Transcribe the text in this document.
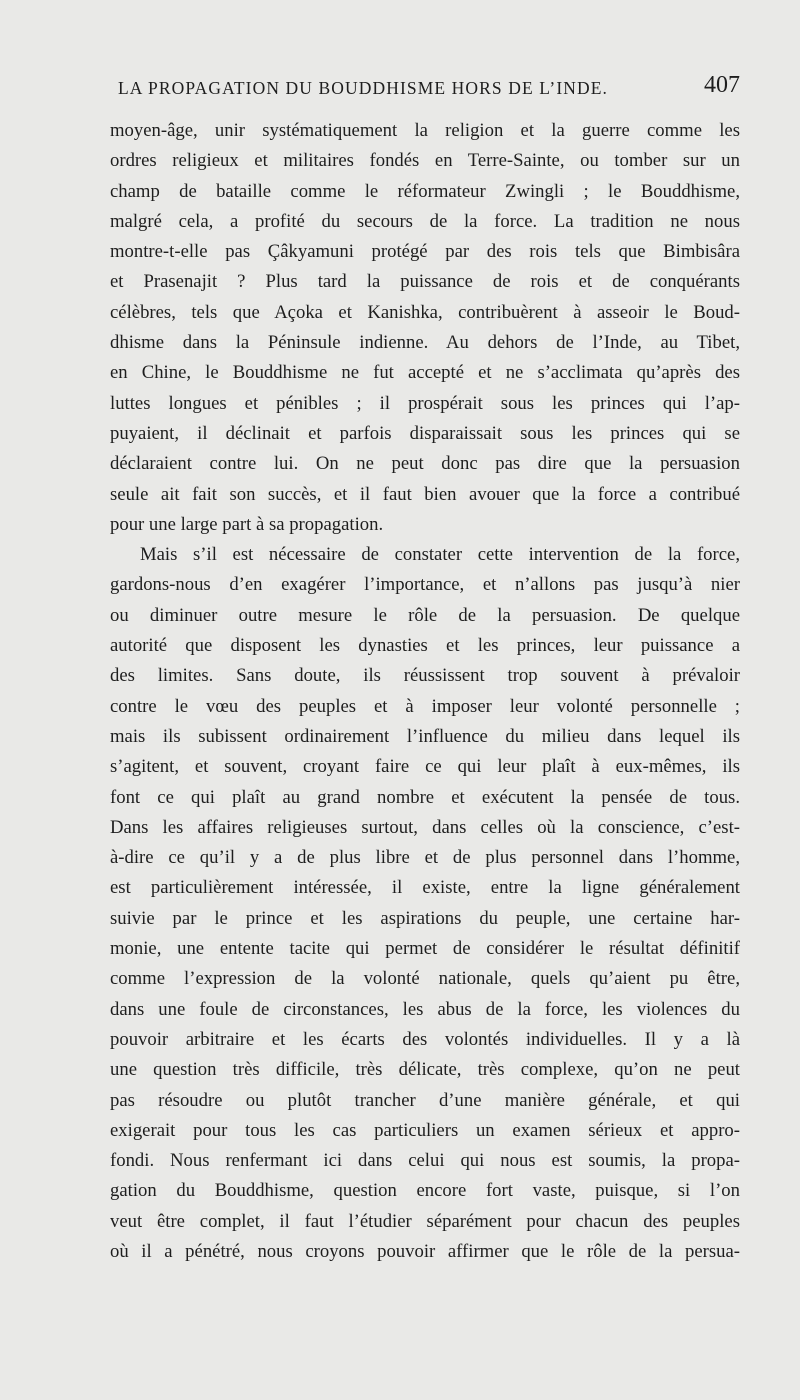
LA PROPAGATION DU BOUDDHISME HORS DE L’INDE.	407
moyen-âge, unir systématiquement la religion et la guerre comme les
ordres religieux et militaires fondés en Terre-Sainte, ou tomber sur un
champ de bataille comme le réformateur Zwingli ; le Bouddhisme,
malgré cela, a profité du secours de la force. La tradition ne nous
montre-t-elle pas Çâkyamuni protégé par des rois tels que Bimbisâra
et Prasenajit ? Plus tard la puissance de rois et de conquérants
célèbres, tels que Açoka et Kanishka, contribuèrent à asseoir le Boud-
dhisme dans la Péninsule indienne. Au dehors de l’Inde, au Tibet,
en Chine, le Bouddhisme ne fut accepté et ne s’acclimata qu’après des
luttes longues et pénibles ; il prospérait sous les princes qui l’ap-
puyaient, il déclinait et parfois disparaissait sous les princes qui se
déclaraient contre lui. On ne peut donc pas dire que la persuasion
seule ait fait son succès, et il faut bien avouer que la force a contribué
pour une large part à sa propagation.
Mais s’il est nécessaire de constater cette intervention de la force,
gardons-nous d’en exagérer l’importance, et n’allons pas jusqu’à nier
ou diminuer outre mesure le rôle de la persuasion. De quelque
autorité que disposent les dynasties et les princes, leur puissance a
des limites. Sans doute, ils réussissent trop souvent à prévaloir
contre le vœu des peuples et à imposer leur volonté personnelle ;
mais ils subissent ordinairement l’influence du milieu dans lequel ils
s’agitent, et souvent, croyant faire ce qui leur plaît à eux-mêmes, ils
font ce qui plaît au grand nombre et exécutent la pensée de tous.
Dans les affaires religieuses surtout, dans celles où la conscience, c’est-
à-dire ce qu’il y a de plus libre et de plus personnel dans l’homme,
est particulièrement intéressée, il existe, entre la ligne généralement
suivie par le prince et les aspirations du peuple, une certaine har-
monie, une entente tacite qui permet de considérer le résultat définitif
comme l’expression de la volonté nationale, quels qu’aient pu être,
dans une foule de circonstances, les abus de la force, les violences du
pouvoir arbitraire et les écarts des volontés individuelles. Il y a là
une question très difficile, très délicate, très complexe, qu’on ne peut
pas résoudre ou plutôt trancher d’une manière générale, et qui
exigerait pour tous les cas particuliers un examen sérieux et appro-
fondi. Nous renfermant ici dans celui qui nous est soumis, la propa-
gation du Bouddhisme, question encore fort vaste, puisque, si l’on
veut être complet, il faut l’étudier séparément pour chacun des peuples
où il a pénétré, nous croyons pouvoir affirmer que le rôle de la persua-
